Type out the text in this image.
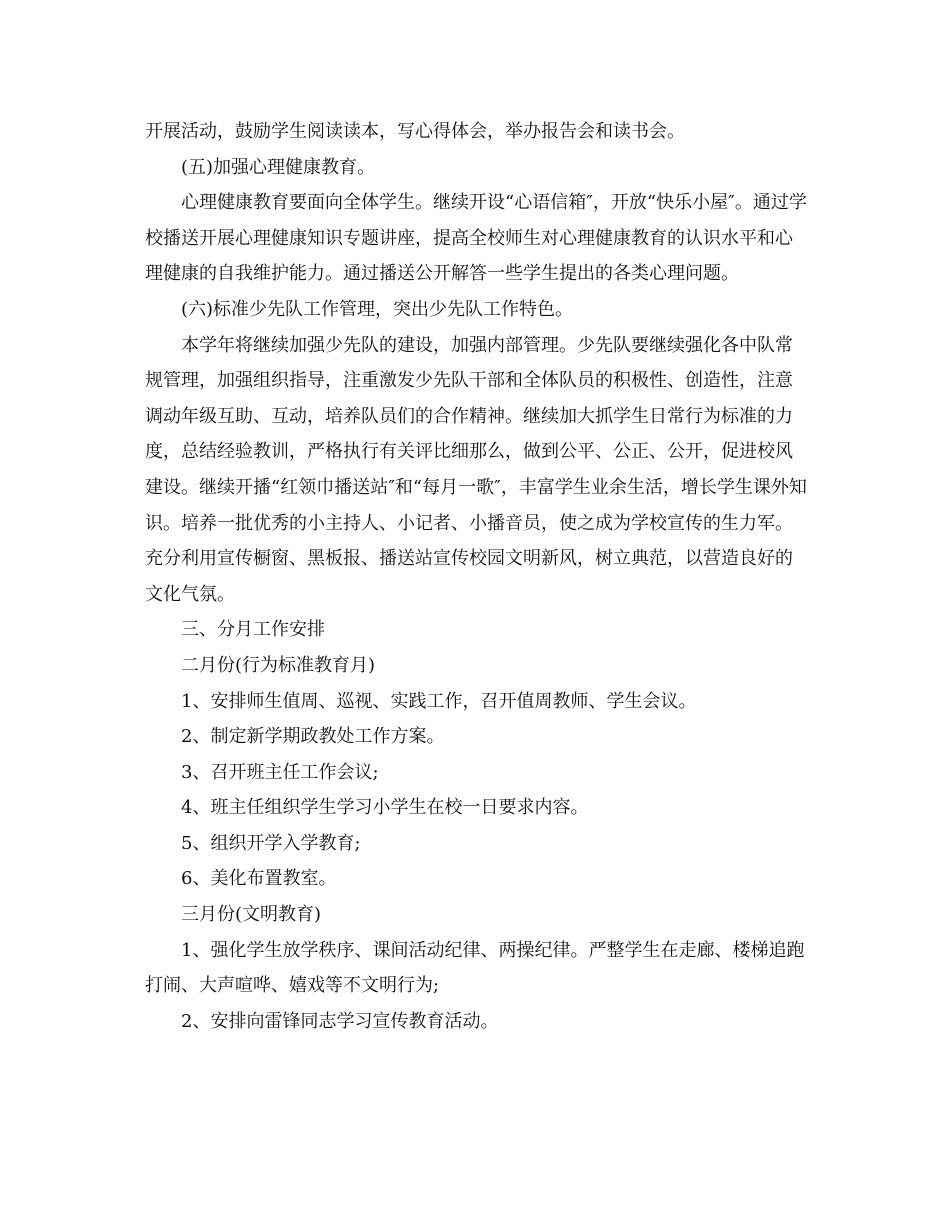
开展活动，鼓励学生阅读读本，写心得体会，举办报告会和读书会。

(五)加强心理健康教育。

心理健康教育要面向全体学生。继续开设“心语信箱″，开放“快乐小屋″。通过学校播送开展心理健康知识专题讲座，提高全校师生对心理健康教育的认识水平和心理健康的自我维护能力。通过播送公开解答一些学生提出的各类心理问题。

(六)标准少先队工作管理，突出少先队工作特色。

本学年将继续加强少先队的建设，加强内部管理。少先队要继续强化各中队常规管理，加强组织指导，注重激发少先队干部和全体队员的积极性、创造性，注意调动年级互助、互动，培养队员们的合作精神。继续加大抓学生日常行为标准的力度，总结经验教训，严格执行有关评比细那么，做到公平、公正、公开，促进校风建设。继续开播“红领巾播送站″和“每月一歌″，丰富学生业余生活，增长学生课外知识。培养一批优秀的小主持人、小记者、小播音员，使之成为学校宣传的生力军。充分利用宣传橱窗、黑板报、播送站宣传校园文明新风，树立典范，以营造良好的文化气氛。

三、分月工作安排

二月份(行为标准教育月)

1、安排师生值周、巡视、实践工作，召开值周教师、学生会议。

2、制定新学期政教处工作方案。

3、召开班主任工作会议;

4、班主任组织学生学习小学生在校一日要求内容。

5、组织开学入学教育;

6、美化布置教室。

三月份(文明教育)

1、强化学生放学秩序、课间活动纪律、两操纪律。严整学生在走廊、楼梯追跑打闹、大声喧哗、嬉戏等不文明行为;

2、安排向雷锋同志学习宣传教育活动。
